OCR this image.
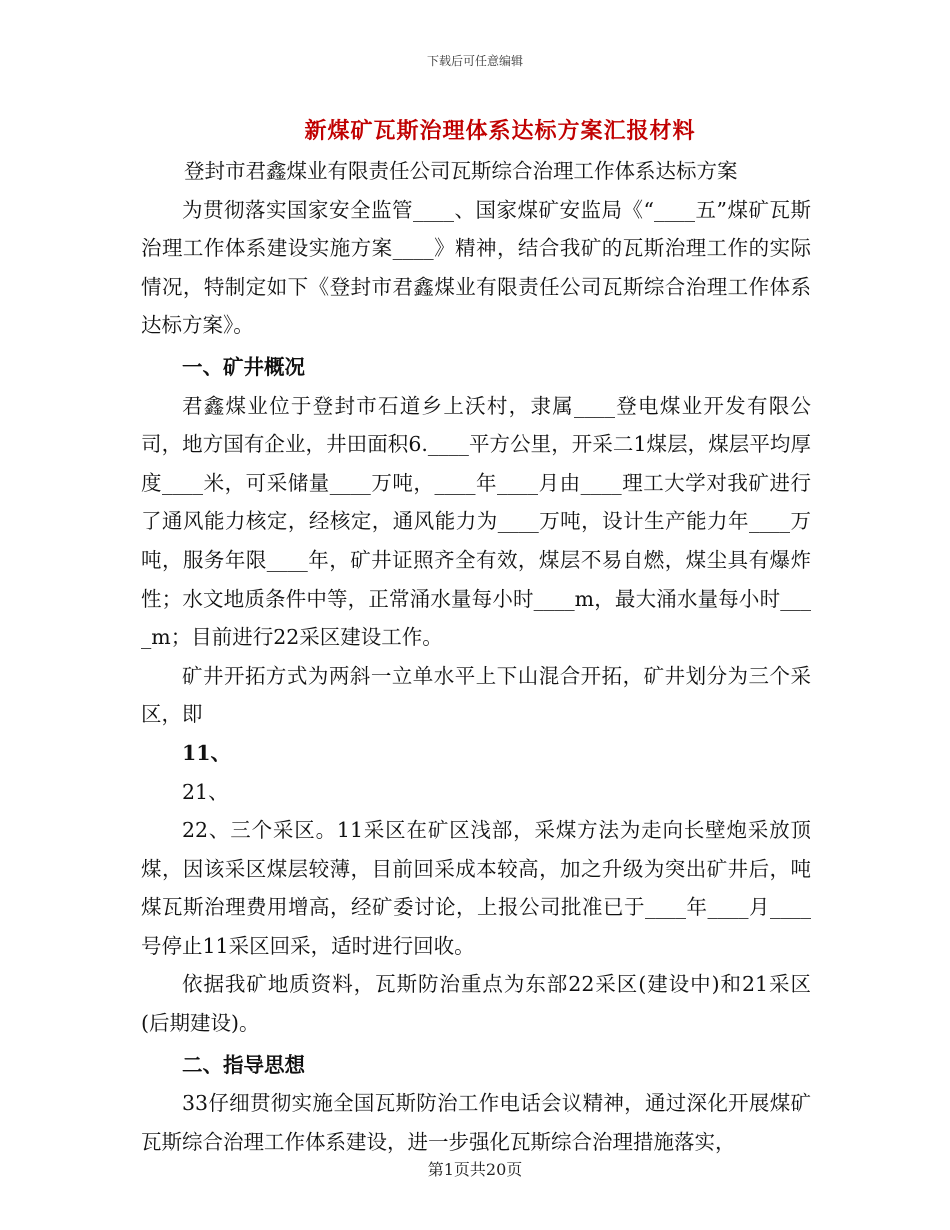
下载后可任意编辑
新煤矿瓦斯治理体系达标方案汇报材料

登封市君鑫煤业有限责任公司瓦斯综合治理工作体系达标方案

为贯彻落实国家安全监管____、国家煤矿安监局《“____五”煤矿瓦斯治理工作体系建设实施方案____》精神，结合我矿的瓦斯治理工作的实际情况，特制定如下《登封市君鑫煤业有限责任公司瓦斯综合治理工作体系达标方案》。

一、矿井概况

君鑫煤业位于登封市石道乡上沃村，隶属____登电煤业开发有限公司，地方国有企业，井田面积6.____平方公里，开采二1煤层，煤层平均厚度____米，可采储量____万吨，____年____月由____理工大学对我矿进行了通风能力核定，经核定，通风能力为____万吨，设计生产能力年____万吨，服务年限____年，矿井证照齐全有效，煤层不易自燃，煤尘具有爆炸性；水文地质条件中等，正常涌水量每小时____m，最大涌水量每小时____m；目前进行22采区建设工作。

矿井开拓方式为两斜一立单水平上下山混合开拓，矿井划分为三个采区，即

11、

21、

22、三个采区。11采区在矿区浅部，采煤方法为走向长壁炮采放顶煤，因该采区煤层较薄，目前回采成本较高，加之升级为突出矿井后，吨煤瓦斯治理费用增高，经矿委讨论，上报公司批准已于____年____月____号停止11采区回采，适时进行回收。

依据我矿地质资料，瓦斯防治重点为东部22采区(建设中)和21采区(后期建设)。

二、指导思想

33仔细贯彻实施全国瓦斯防治工作电话会议精神，通过深化开展煤矿瓦斯综合治理工作体系建设，进一步强化瓦斯综合治理措施落实，

第1页共20页
